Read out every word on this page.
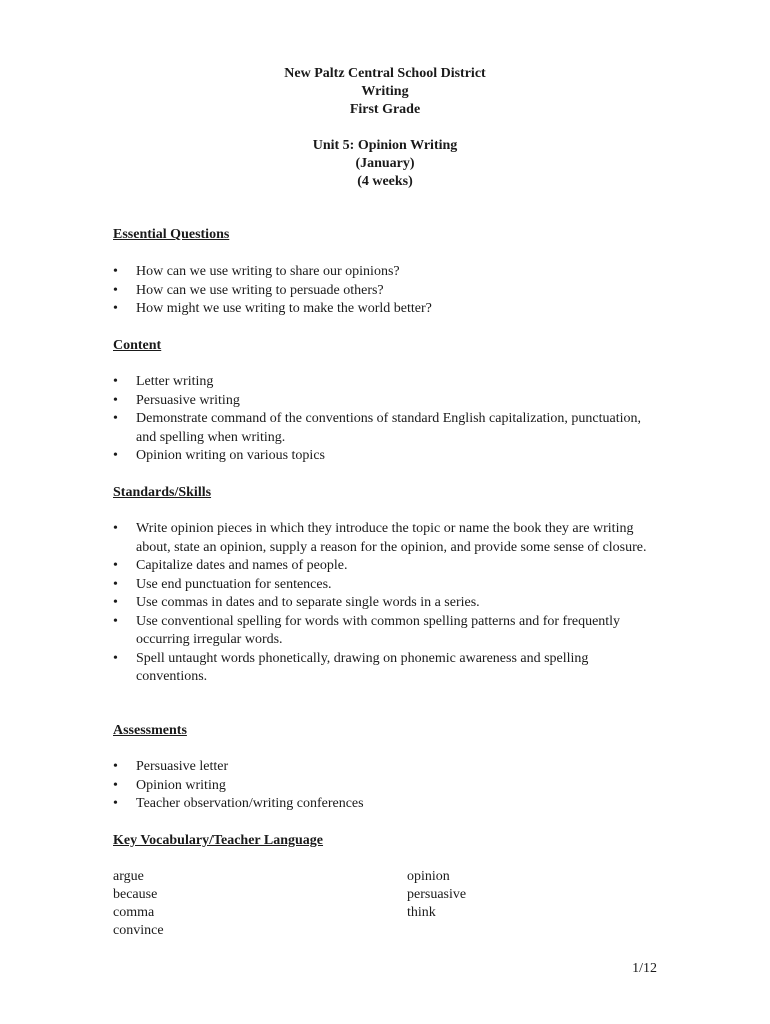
New Paltz Central School District
Writing
First Grade
Unit 5: Opinion Writing
(January)
(4 weeks)
Essential Questions
• How can we use writing to share our opinions?
• How can we use writing to persuade others?
• How might we use writing to make the world better?
Content
• Letter writing
• Persuasive writing
• Demonstrate command of the conventions of standard English capitalization, punctuation, and spelling when writing.
• Opinion writing on various topics
Standards/Skills
• Write opinion pieces in which they introduce the topic or name the book they are writing about, state an opinion, supply a reason for the opinion, and provide some sense of closure.
• Capitalize dates and names of people.
• Use end punctuation for sentences.
• Use commas in dates and to separate single words in a series.
• Use conventional spelling for words with common spelling patterns and for frequently occurring irregular words.
• Spell untaught words phonetically, drawing on phonemic awareness and spelling conventions.
Assessments
• Persuasive letter
• Opinion writing
• Teacher observation/writing conferences
Key Vocabulary/Teacher Language
argue
because
comma
convince
opinion
persuasive
think
1/12
